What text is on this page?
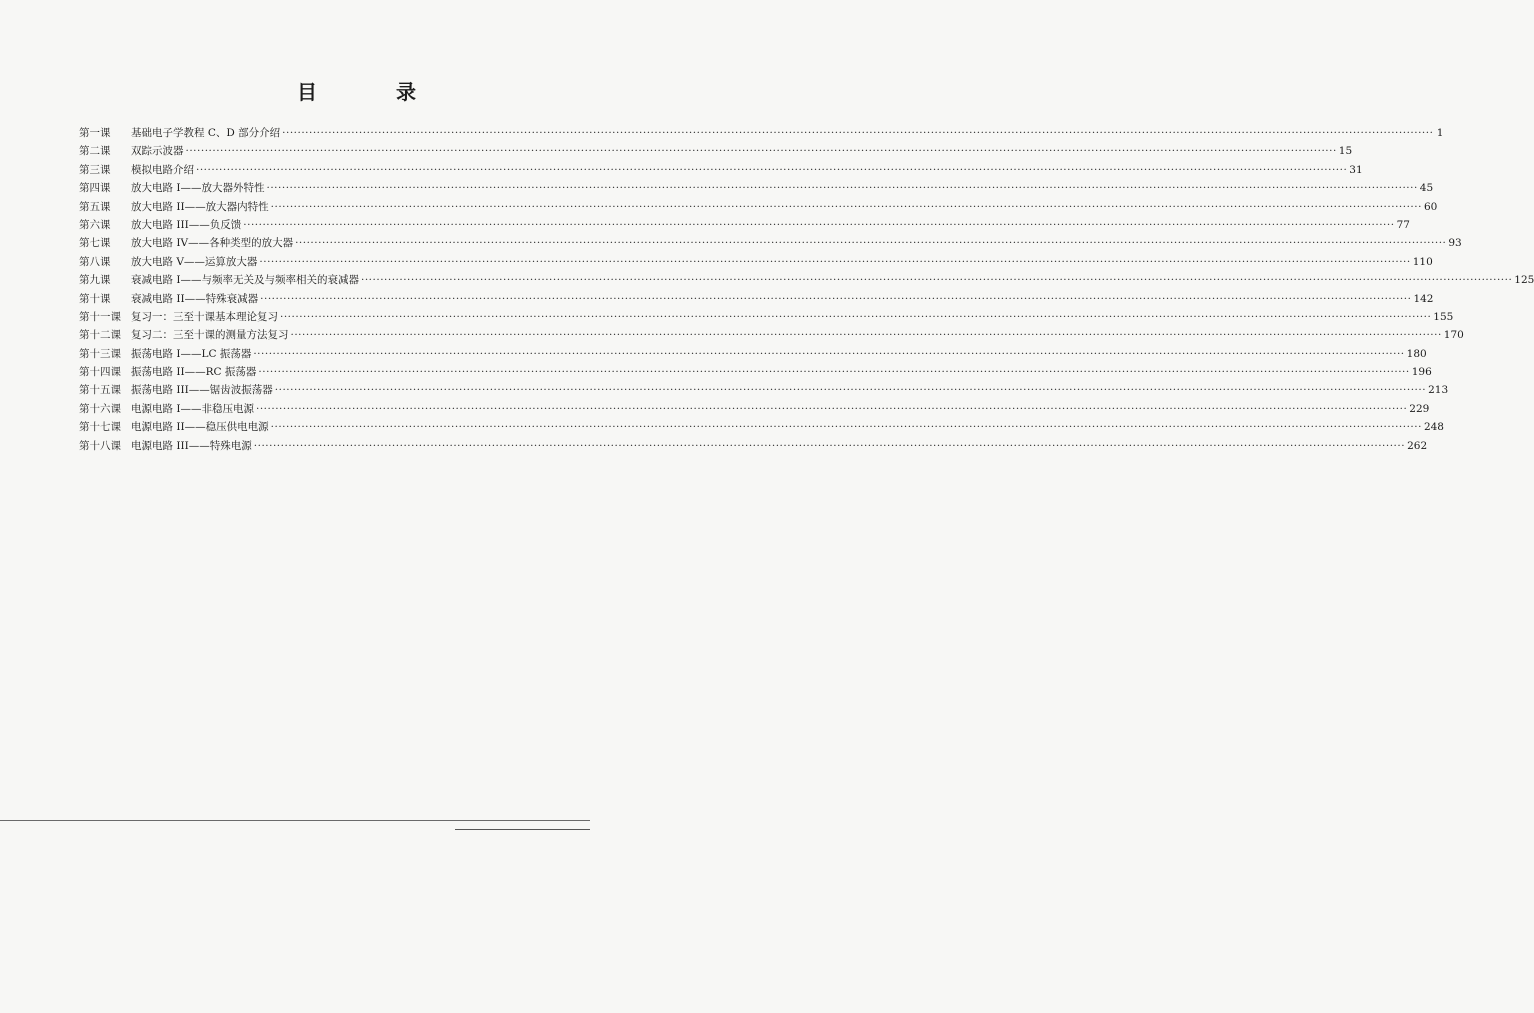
目 录
第一课	基础电子学教程 C、D 部分介绍 ············································································································································································································································································································ 1
第二课	双踪示波器 ············································································································································································································································································································ 15
第三课	模拟电路介绍 ············································································································································································································································································································ 31
第四课	放大电路 I——放大器外特性 ············································································································································································································································································································ 45
第五课	放大电路 II——放大器内特性 ············································································································································································································································································································ 60
第六课	放大电路 III——负反馈 ············································································································································································································································································································ 77
第七课	放大电路 IV——各种类型的放大器 ············································································································································································································································································································ 93
第八课	放大电路 V——运算放大器 ············································································································································································································································································································ 110
第九课	衰减电路 I——与频率无关及与频率相关的衰减器 ············································································································································································································································································································ 125
第十课	衰减电路 II——特殊衰减器 ············································································································································································································································································································ 142
第十一课 复习一：三至十课基本理论复习 ············································································································································································································································································································ 155
第十二课 复习二：三至十课的测量方法复习 ············································································································································································································································································································ 170
第十三课 振荡电路 I——LC 振荡器 ············································································································································································································································································································ 180
第十四课 振荡电路 II——RC 振荡器 ············································································································································································································································································································ 196
第十五课 振荡电路 III——锯齿波振荡器 ············································································································································································································································································································ 213
第十六课 电源电路 I——非稳压电源 ············································································································································································································································································································ 229
第十七课 电源电路 II——稳压供电电源 ············································································································································································································································································································ 248
第十八课 电源电路 III——特殊电源 ············································································································································································································································································································ 262
